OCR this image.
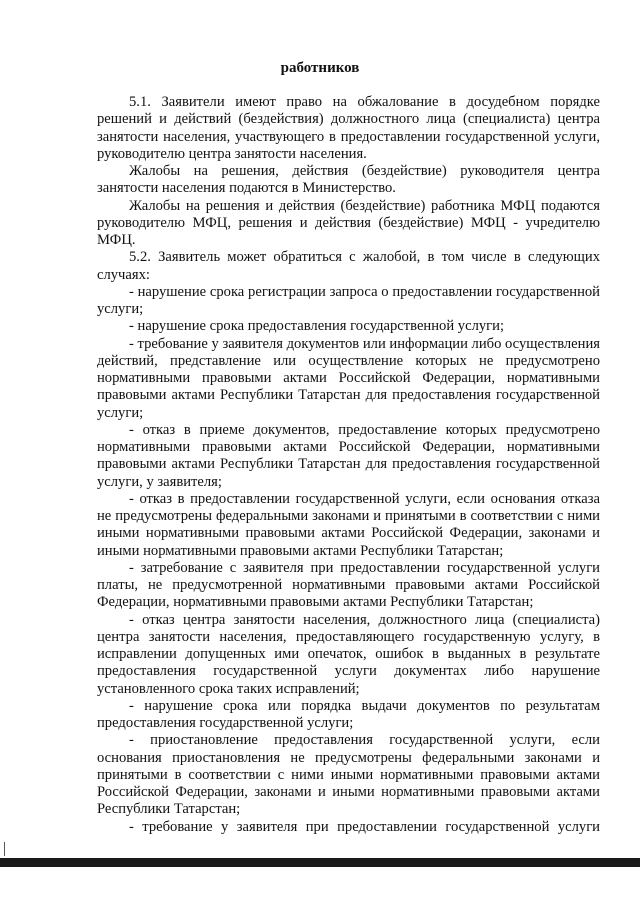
работников

5.1. Заявители имеют право на обжалование в досудебном порядке решений и действий (бездействия) должностного лица (специалиста) центра занятости населения, участвующего в предоставлении государственной услуги, руководителю центра занятости населения.

Жалобы на решения, действия (бездействие) руководителя центра занятости населения подаются в Министерство.

Жалобы на решения и действия (бездействие) работника МФЦ подаются руководителю МФЦ, решения и действия (бездействие) МФЦ - учредителю МФЦ.

5.2. Заявитель может обратиться с жалобой, в том числе в следующих случаях:

- нарушение срока регистрации запроса о предоставлении государственной услуги;

- нарушение срока предоставления государственной услуги;

- требование у заявителя документов или информации либо осуществления действий, представление или осуществление которых не предусмотрено нормативными правовыми актами Российской Федерации, нормативными правовыми актами Республики Татарстан для предоставления государственной услуги;

- отказ в приеме документов, предоставление которых предусмотрено нормативными правовыми актами Российской Федерации, нормативными правовыми актами Республики Татарстан для предоставления государственной услуги, у заявителя;

- отказ в предоставлении государственной услуги, если основания отказа не предусмотрены федеральными законами и принятыми в соответствии с ними иными нормативными правовыми актами Российской Федерации, законами и иными нормативными правовыми актами Республики Татарстан;

- затребование с заявителя при предоставлении государственной услуги платы, не предусмотренной нормативными правовыми актами Российской Федерации, нормативными правовыми актами Республики Татарстан;

- отказ центра занятости населения, должностного лица (специалиста) центра занятости населения, предоставляющего государственную услугу, в исправлении допущенных ими опечаток, ошибок в выданных в результате предоставления государственной услуги документах либо нарушение установленного срока таких исправлений;

- нарушение срока или порядка выдачи документов по результатам предоставления государственной услуги;

- приостановление предоставления государственной услуги, если основания приостановления не предусмотрены федеральными законами и принятыми в соответствии с ними иными нормативными правовыми актами Российской Федерации, законами и иными нормативными правовыми актами Республики Татарстан;

- требование у заявителя при предоставлении государственной услуги
